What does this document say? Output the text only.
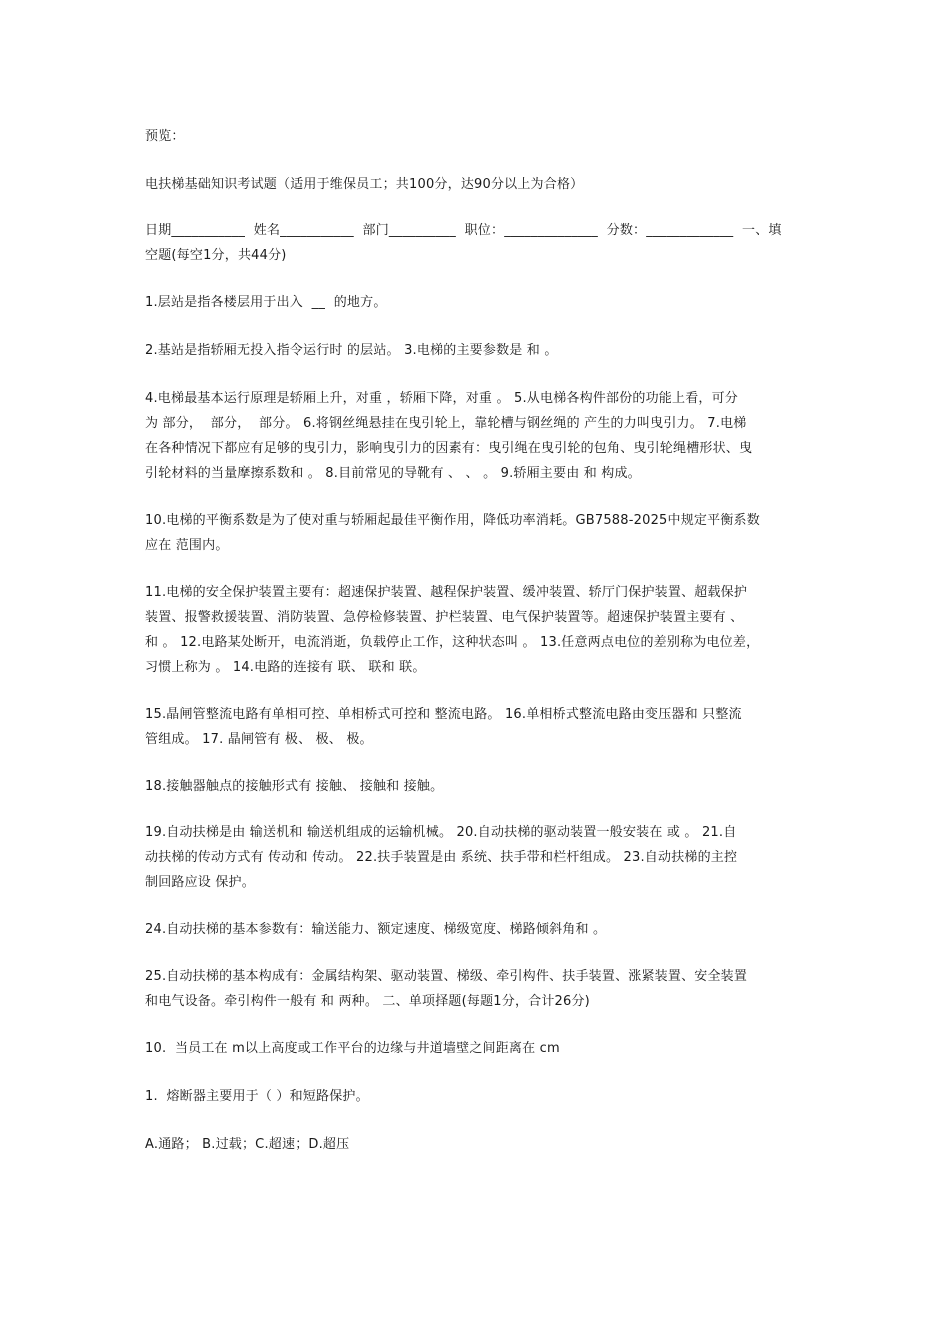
预览：
电扶梯基础知识考试题（适用于维保员工；共100分，达90分以上为合格）
日期___________  姓名___________  部门__________  职位：______________  分数：_____________  一、填
空题(每空1分，共44分)
1.层站是指各楼层用于出入  __  的地方。
2.基站是指轿厢无投入指令运行时 的层站。 3.电梯的主要参数是 和 。
4.电梯最基本运行原理是轿厢上升，对重 ，轿厢下降，对重 。 5.从电梯各构件部份的功能上看，可分
为 部分，  部分，  部分。 6.将钢丝绳悬挂在曳引轮上，靠轮槽与钢丝绳的 产生的力叫曳引力。 7.电梯
在各种情况下都应有足够的曳引力，影响曳引力的因素有：曳引绳在曳引轮的包角、曳引轮绳槽形状、曳
引轮材料的当量摩擦系数和 。 8.目前常见的导靴有 、 、 。 9.轿厢主要由 和 构成。
10.电梯的平衡系数是为了使对重与轿厢起最佳平衡作用，降低功率消耗。GB7588-2025中规定平衡系数
应在 范围内。
11.电梯的安全保护装置主要有：超速保护装置、越程保护装置、缓冲装置、轿厅门保护装置、超载保护
装置、报警救援装置、消防装置、急停检修装置、护栏装置、电气保护装置等。超速保护装置主要有 、
和 。 12.电路某处断开，电流消逝，负载停止工作，这种状态叫 。 13.任意两点电位的差别称为电位差，
习惯上称为 。 14.电路的连接有 联、 联和 联。
15.晶闸管整流电路有单相可控、单相桥式可控和 整流电路。 16.单相桥式整流电路由变压器和 只整流
管组成。 17. 晶闸管有 极、 极、 极。
18.接触器触点的接触形式有 接触、 接触和 接触。
19.自动扶梯是由 输送机和 输送机组成的运输机械。 20.自动扶梯的驱动装置一般安装在 或 。 21.自
动扶梯的传动方式有 传动和 传动。 22.扶手装置是由 系统、扶手带和栏杆组成。 23.自动扶梯的主控
制回路应设 保护。
24.自动扶梯的基本参数有：输送能力、额定速度、梯级宽度、梯路倾斜角和 。
25.自动扶梯的基本构成有：金属结构架、驱动装置、梯级、牵引构件、扶手装置、涨紧装置、安全装置
和电气设备。牵引构件一般有 和 两种。 二、单项择题(每题1分，合计26分)
10.  当员工在 m以上高度或工作平台的边缘与井道墙壁之间距离在 cm
1.  熔断器主要用于（ ）和短路保护。
A.通路； B.过载；C.超速；D.超压
